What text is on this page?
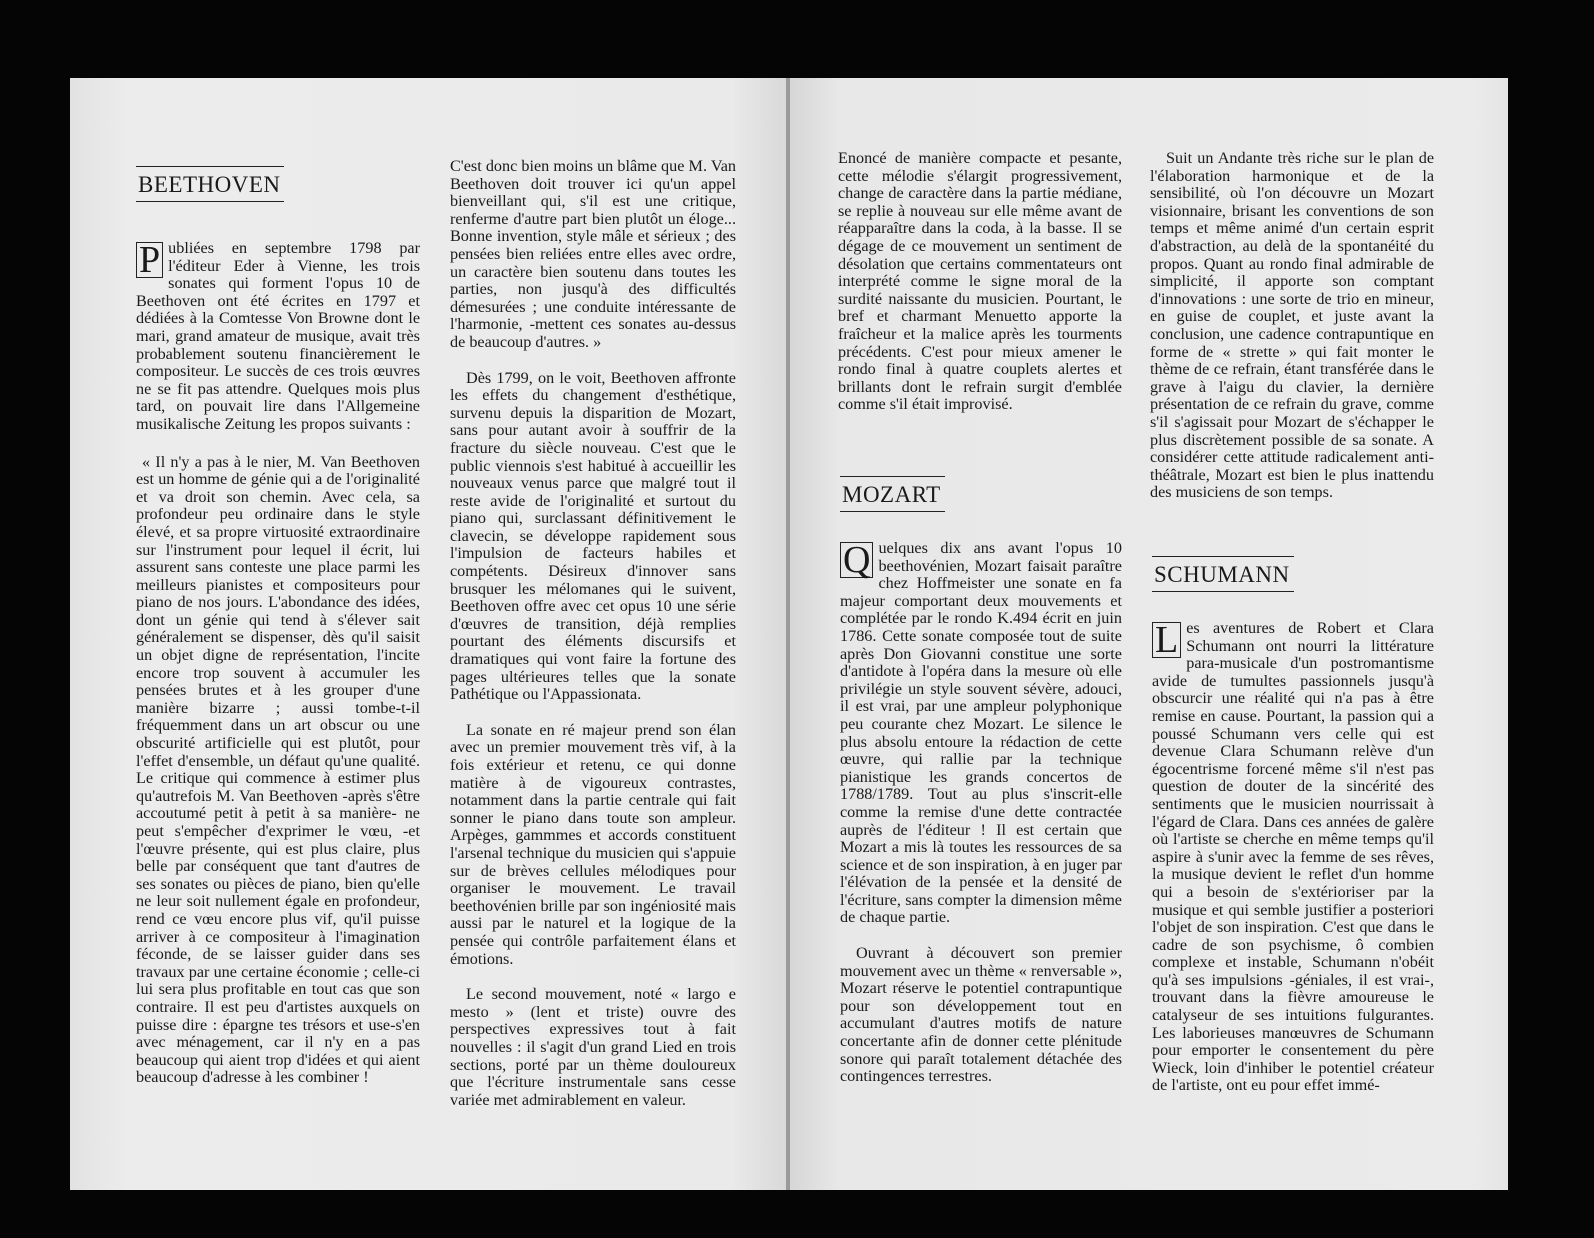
BEETHOVEN

P ubliées en septembre 1798 par l'éditeur Eder à Vienne, les trois sonates qui forment l'opus 10 de Beethoven ont été écrites en 1797 et dédiées à la Comtesse Von Browne dont le mari, grand amateur de musique, avait très probablement soutenu financièrement le compositeur. Le succès de ces trois œuvres ne se fit pas attendre. Quelques mois plus tard, on pouvait lire dans l'Allgemeine musikalische Zeitung les propos suivants :

« Il n'y a pas à le nier, M. Van Beethoven est un homme de génie qui a de l'originalité et va droit son chemin. Avec cela, sa profondeur peu ordinaire dans le style élevé, et sa propre virtuosité extraordinaire sur l'instrument pour lequel il écrit, lui assurent sans conteste une place parmi les meilleurs pianistes et compositeurs pour piano de nos jours. L'abondance des idées, dont un génie qui tend à s'élever sait généralement se dispenser, dès qu'il saisit un objet digne de représentation, l'incite encore trop souvent à accumuler les pensées brutes et à les grouper d'une manière bizarre ; aussi tombe-t-il fréquemment dans un art obscur ou une obscurité artificielle qui est plutôt, pour l'effet d'ensemble, un défaut qu'une qualité. Le critique qui commence à estimer plus qu'autrefois M. Van Beethoven -après s'être accoutumé petit à petit à sa manière- ne peut s'empêcher d'exprimer le vœu, -et l'œuvre présente, qui est plus claire, plus belle par conséquent que tant d'autres de ses sonates ou pièces de piano, bien qu'elle ne leur soit nullement égale en profondeur, rend ce vœu encore plus vif, qu'il puisse arriver à ce compositeur à l'imagination féconde, de se laisser guider dans ses travaux par une certaine économie ; celle-ci lui sera plus profitable en tout cas que son contraire. Il est peu d'artistes auxquels on puisse dire : épargne tes trésors et use-s'en avec ménagement, car il n'y en a pas beaucoup qui aient trop d'idées et qui aient beaucoup d'adresse à les combiner !

C'est donc bien moins un blâme que M. Van Beethoven doit trouver ici qu'un appel bienveillant qui, s'il est une critique, renferme d'autre part bien plutôt un éloge... Bonne invention, style mâle et sérieux ; des pensées bien reliées entre elles avec ordre, un caractère bien soutenu dans toutes les parties, non jusqu'à des difficultés démesurées ; une conduite intéressante de l'harmonie, -mettent ces sonates au-dessus de beaucoup d'autres. »

Dès 1799, on le voit, Beethoven affronte les effets du changement d'esthétique, survenu depuis la disparition de Mozart, sans pour autant avoir à souffrir de la fracture du siècle nouveau. C'est que le public viennois s'est habitué à accueillir les nouveaux venus parce que malgré tout il reste avide de l'originalité et surtout du piano qui, surclassant définitivement le clavecin, se développe rapidement sous l'impulsion de facteurs habiles et compétents. Désireux d'innover sans brusquer les mélomanes qui le suivent, Beethoven offre avec cet opus 10 une série d'œuvres de transition, déjà remplies pourtant des éléments discursifs et dramatiques qui vont faire la fortune des pages ultérieures telles que la sonate Pathétique ou l'Appassionata.

La sonate en ré majeur prend son élan avec un premier mouvement très vif, à la fois extérieur et retenu, ce qui donne matière à de vigoureux contrastes, notamment dans la partie centrale qui fait sonner le piano dans toute son ampleur. Arpèges, gammmes et accords constituent l'arsenal technique du musicien qui s'appuie sur de brèves cellules mélodiques pour organiser le mouvement. Le travail beethovénien brille par son ingéniosité mais aussi par le naturel et la logique de la pensée qui contrôle parfaitement élans et émotions.

Le second mouvement, noté « largo e mesto » (lent et triste) ouvre des perspectives expressives tout à fait nouvelles : il s'agit d'un grand Lied en trois sections, porté par un thème douloureux que l'écriture instrumentale sans cesse variée met admirablement en valeur.

Enoncé de manière compacte et pesante, cette mélodie s'élargit progressivement, change de caractère dans la partie médiane, se replie à nouveau sur elle même avant de réapparaître dans la coda, à la basse. Il se dégage de ce mouvement un sentiment de désolation que certains commentateurs ont interprété comme le signe moral de la surdité naissante du musicien. Pourtant, le bref et charmant Menuetto apporte la fraîcheur et la malice après les tourments précédents. C'est pour mieux amener le rondo final à quatre couplets alertes et brillants dont le refrain surgit d'emblée comme s'il était improvisé.

MOZART

Q uelques dix ans avant l'opus 10 beethovénien, Mozart faisait paraître chez Hoffmeister une sonate en fa majeur comportant deux mouvements et complétée par le rondo K.494 écrit en juin 1786. Cette sonate composée tout de suite après Don Giovanni constitue une sorte d'antidote à l'opéra dans la mesure où elle privilégie un style souvent sévère, adouci, il est vrai, par une ampleur polyphonique peu courante chez Mozart. Le silence le plus absolu entoure la rédaction de cette œuvre, qui rallie par la technique pianistique les grands concertos de 1788/1789. Tout au plus s'inscrit-elle comme la remise d'une dette contractée auprès de l'éditeur ! Il est certain que Mozart a mis là toutes les ressources de sa science et de son inspiration, à en juger par l'élévation de la pensée et la densité de l'écriture, sans compter la dimension même de chaque partie.

Ouvrant à découvert son premier mouvement avec un thème « renversable », Mozart réserve le potentiel contrapuntique pour son développement tout en accumulant d'autres motifs de nature concertante afin de donner cette plénitude sonore qui paraît totalement détachée des contingences terrestres.

Suit un Andante très riche sur le plan de l'élaboration harmonique et de la sensibilité, où l'on découvre un Mozart visionnaire, brisant les conventions de son temps et même animé d'un certain esprit d'abstraction, au delà de la spontanéité du propos. Quant au rondo final admirable de simplicité, il apporte son comptant d'innovations : une sorte de trio en mineur, en guise de couplet, et juste avant la conclusion, une cadence contrapuntique en forme de « strette » qui fait monter le thème de ce refrain, étant transférée dans le grave à l'aigu du clavier, la dernière présentation de ce refrain du grave, comme s'il s'agissait pour Mozart de s'échapper le plus discrètement possible de sa sonate. A considérer cette attitude radicalement anti-théâtrale, Mozart est bien le plus inattendu des musiciens de son temps.

SCHUMANN

L es aventures de Robert et Clara Schumann ont nourri la littérature para-musicale d'un postromantisme avide de tumultes passionnels jusqu'à obscurcir une réalité qui n'a pas à être remise en cause. Pourtant, la passion qui a poussé Schumann vers celle qui est devenue Clara Schumann relève d'un égocentrisme forcené même s'il n'est pas question de douter de la sincérité des sentiments que le musicien nourrissait à l'égard de Clara. Dans ces années de galère où l'artiste se cherche en même temps qu'il aspire à s'unir avec la femme de ses rêves, la musique devient le reflet d'un homme qui a besoin de s'extérioriser par la musique et qui semble justifier a posteriori l'objet de son inspiration. C'est que dans le cadre de son psychisme, ô combien complexe et instable, Schumann n'obéit qu'à ses impulsions -géniales, il est vrai-, trouvant dans la fièvre amoureuse le catalyseur de ses intuitions fulgurantes. Les laborieuses manœuvres de Schumann pour emporter le consentement du père Wieck, loin d'inhiber le potentiel créateur de l'artiste, ont eu pour effet immé-
